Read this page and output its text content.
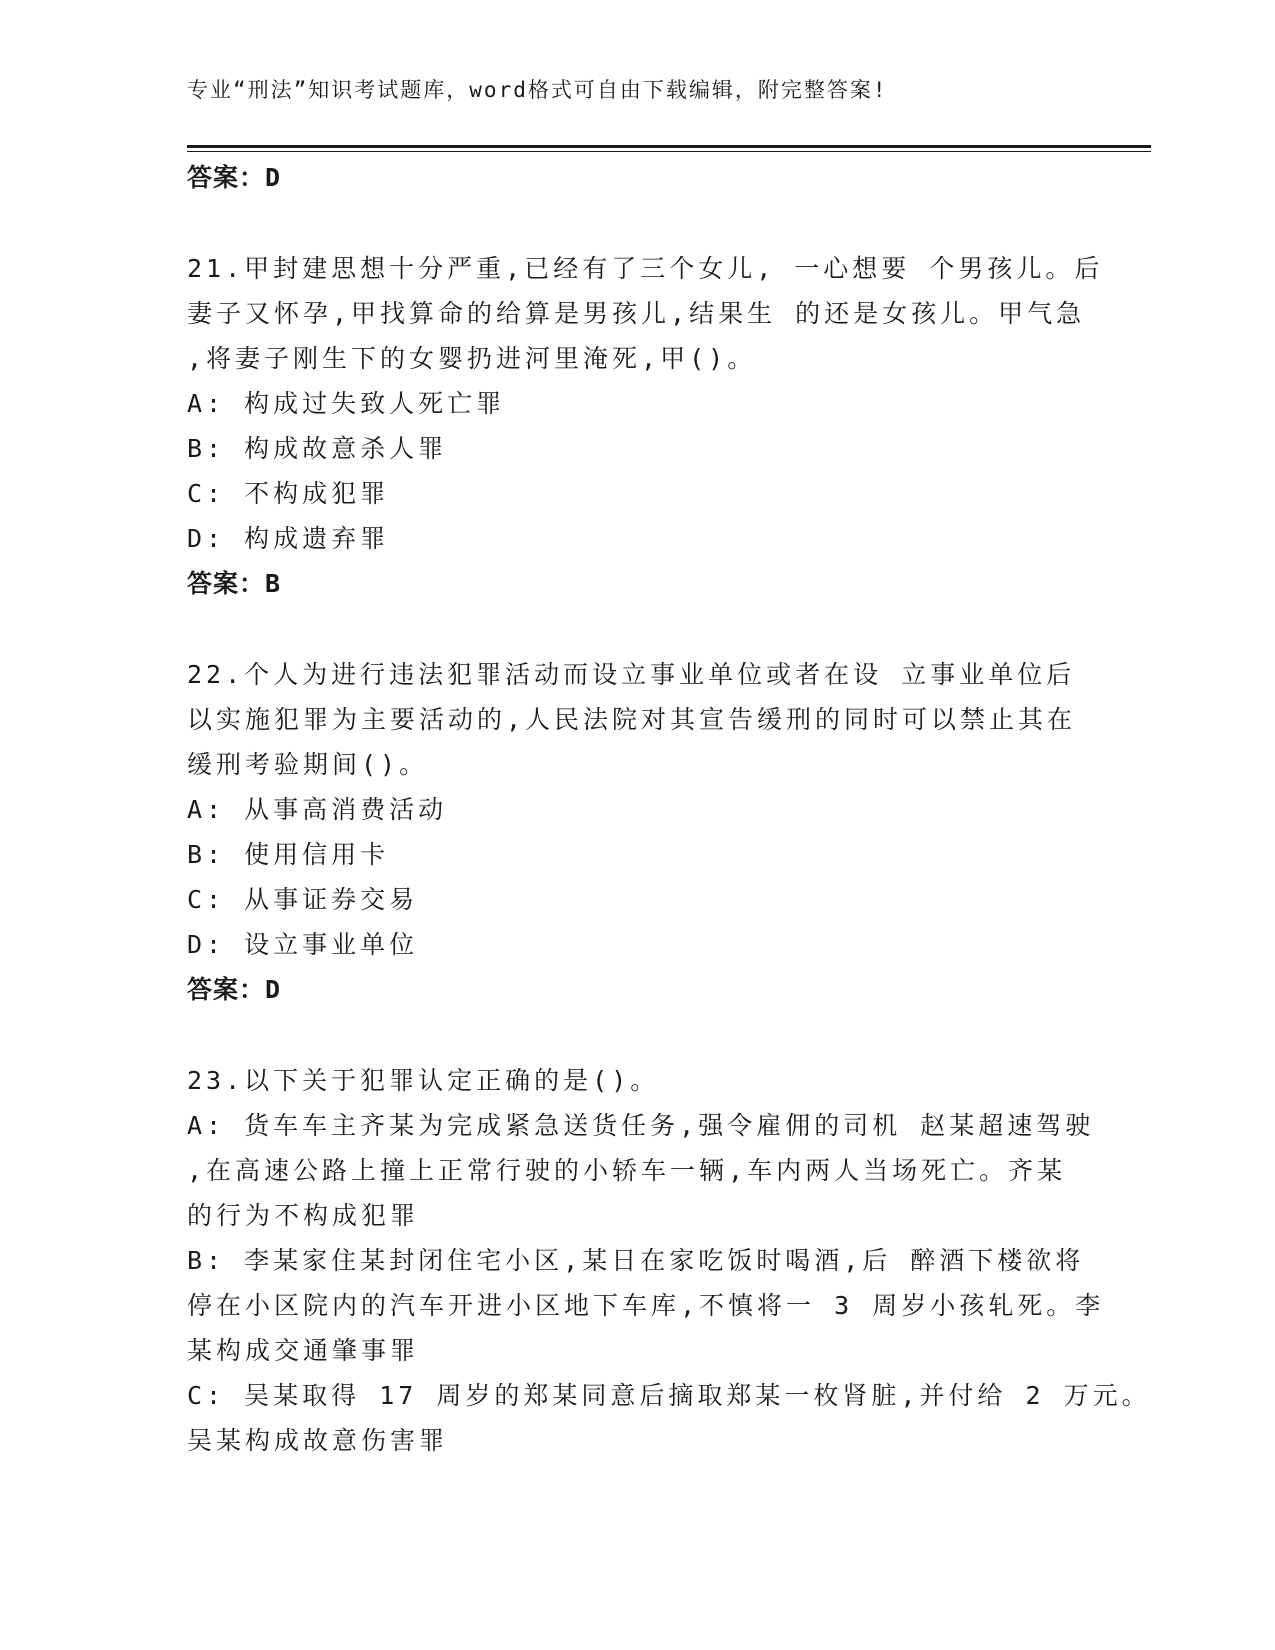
专业“刑法”知识考试题库，word格式可自由下载编辑，附完整答案!
答案：D
21.甲封建思想十分严重,已经有了三个女儿, 一心想要 个男孩儿。后
妻子又怀孕,甲找算命的给算是男孩儿,结果生 的还是女孩儿。甲气急
,将妻子刚生下的女婴扔进河里淹死,甲()。
A: 构成过失致人死亡罪
B: 构成故意杀人罪
C: 不构成犯罪
D: 构成遗弃罪
答案：B
22.个人为进行违法犯罪活动而设立事业单位或者在设 立事业单位后
以实施犯罪为主要活动的,人民法院对其宣告缓刑的同时可以禁止其在
缓刑考验期间()。
A: 从事高消费活动
B: 使用信用卡
C: 从事证券交易
D: 设立事业单位
答案：D
23.以下关于犯罪认定正确的是()。
A: 货车车主齐某为完成紧急送货任务,强令雇佣的司机 赵某超速驾驶
,在高速公路上撞上正常行驶的小轿车一辆,车内两人当场死亡。齐某
的行为不构成犯罪
B: 李某家住某封闭住宅小区,某日在家吃饭时喝酒,后 醉酒下楼欲将
停在小区院内的汽车开进小区地下车库,不慎将一 3 周岁小孩轧死。李
某构成交通肇事罪
C: 吴某取得 17 周岁的郑某同意后摘取郑某一枚肾脏,并付给 2 万元。
吴某构成故意伤害罪
